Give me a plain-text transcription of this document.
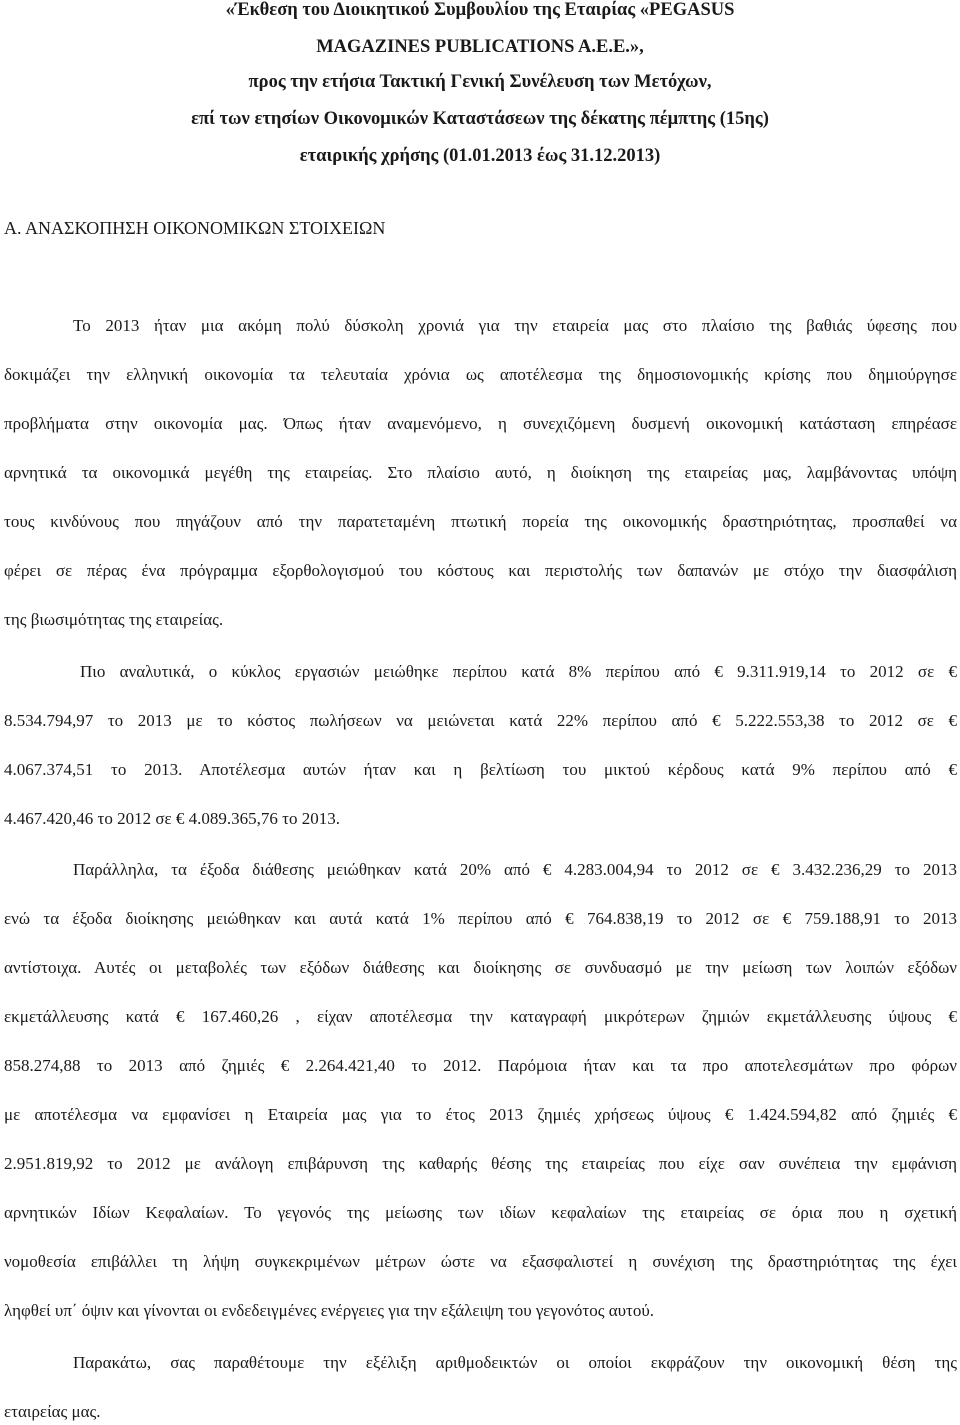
«Έκθεση του Διοικητικού Συμβουλίου της Εταιρίας «PEGASUS
MAGAZINES PUBLICATIONS A.E.E.»,
προς την ετήσια Τακτική Γενική Συνέλευση των Μετόχων,
επί των ετησίων Οικονομικών Καταστάσεων της δέκατης πέμπτης (15ης)
εταιρικής χρήσης (01.01.2013 έως 31.12.2013)
Α. ΑΝΑΣΚΟΠΗΣΗ ΟΙΚΟΝΟΜΙΚΩΝ ΣΤΟΙΧΕΙΩΝ
Το 2013 ήταν μια ακόμη πολύ δύσκολη χρονιά για την εταιρεία μας στο πλαίσιο της βαθιάς ύφεσης που
δοκιμάζει την ελληνική οικονομία τα τελευταία χρόνια ως αποτέλεσμα της δημοσιονομικής κρίσης που δημιούργησε
προβλήματα στην οικονομία μας. Όπως ήταν αναμενόμενο, η συνεχιζόμενη δυσμενή οικονομική κατάσταση επηρέασε
αρνητικά τα οικονομικά μεγέθη της εταιρείας. Στο πλαίσιο αυτό, η διοίκηση της εταιρείας μας, λαμβάνοντας υπόψη
τους κινδύνους που πηγάζουν από την παρατεταμένη πτωτική πορεία της οικονομικής δραστηριότητας, προσπαθεί να
φέρει σε πέρας ένα πρόγραμμα εξορθολογισμού του κόστους και περιστολής των δαπανών με στόχο την διασφάλιση
της βιωσιμότητας της εταιρείας.
Πιο αναλυτικά, ο κύκλος εργασιών μειώθηκε περίπου κατά 8% περίπου από € 9.311.919,14 το 2012 σε €
8.534.794,97 το 2013 με το κόστος πωλήσεων να μειώνεται κατά 22% περίπου από € 5.222.553,38 το 2012 σε €
4.067.374,51 το 2013. Αποτέλεσμα αυτών ήταν και η βελτίωση του μικτού κέρδους κατά 9% περίπου από €
4.467.420,46 το 2012 σε € 4.089.365,76 το 2013.
Παράλληλα, τα έξοδα διάθεσης μειώθηκαν κατά 20% από € 4.283.004,94 το 2012 σε € 3.432.236,29 το 2013
ενώ τα έξοδα διοίκησης μειώθηκαν και αυτά κατά 1% περίπου από € 764.838,19 το 2012 σε € 759.188,91 το 2013
αντίστοιχα. Αυτές οι μεταβολές των εξόδων διάθεσης και διοίκησης σε συνδυασμό με την μείωση των λοιπών εξόδων
εκμετάλλευσης κατά € 167.460,26 , είχαν αποτέλεσμα την καταγραφή μικρότερων ζημιών εκμετάλλευσης ύψους €
858.274,88 το 2013 από ζημιές € 2.264.421,40 το 2012. Παρόμοια ήταν και τα προ αποτελεσμάτων προ φόρων
με αποτέλεσμα να εμφανίσει η Εταιρεία μας για το έτος 2013 ζημιές χρήσεως ύψους € 1.424.594,82 από ζημιές €
2.951.819,92 το 2012 με ανάλογη επιβάρυνση της καθαρής θέσης της εταιρείας που είχε σαν συνέπεια την εμφάνιση
αρνητικών Ιδίων Κεφαλαίων. Το γεγονός της μείωσης των ιδίων κεφαλαίων της εταιρείας σε όρια που η σχετική
νομοθεσία επιβάλλει τη λήψη συγκεκριμένων μέτρων ώστε να εξασφαλιστεί η συνέχιση της δραστηριότητας της έχει
ληφθεί υπ΄ όψιν και γίνονται οι ενδεδειγμένες ενέργειες για την εξάλειψη του γεγονότος αυτού.
Παρακάτω, σας παραθέτουμε την εξέλιξη αριθμοδεικτών οι οποίοι εκφράζουν την οικονομική θέση της
εταιρείας μας.
